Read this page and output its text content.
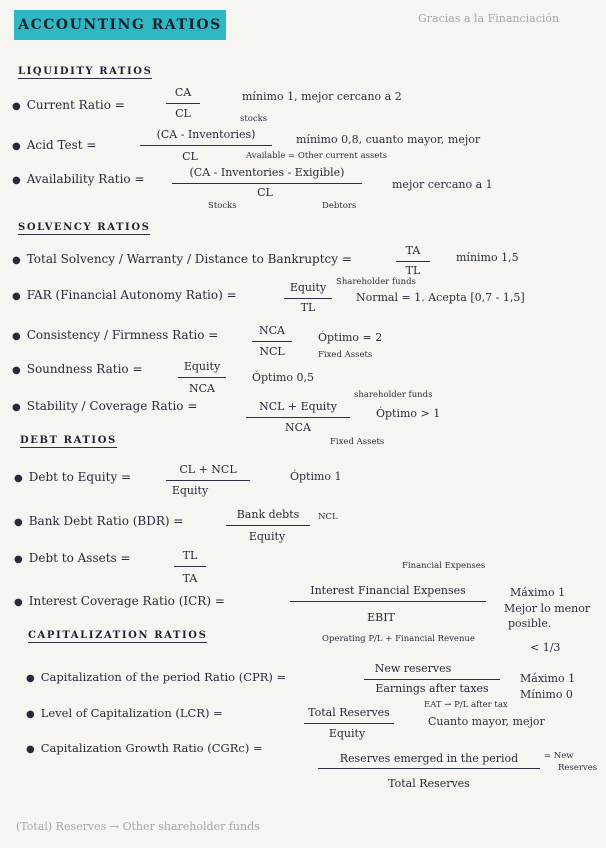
Gracias a la Financiación
ACCOUNTING RATIOS
LIQUIDITY RATIOS
● Current Ratio =
CA
CL
mínimo 1, mejor cercano a 2
stocks
● Acid Test =
(CA - Inventories)
CL
mínimo 0,8, cuanto mayor, mejor
Available = Other current assets
● Availability Ratio =	(CA - Inventories - Exigible)
CL
mejor cercano a 1
Stocks	Debtors
SOLVENCY RATIOS
● Total Solvency / Warranty / Distance to Bankruptcy =
TA
TL
mínimo 1,5
● FAR (Financial Autonomy Ratio) =
Equity
TL
Shareholder funds
Normal = 1. Acepta [0,7 - 1,5]
● Consistency / Firmness Ratio =	NCA
NCL
Óptimo = 2
Fixed Assets
● Soundness Ratio =	Equity
NCA
Óptimo 0,5
shareholder funds
● Stability / Coverage Ratio =	NCL + Equity
NCA
Óptimo > 1
Fixed Assets
DEBT RATIOS
● Debt to Equity =
CL + NCL
Equity
Óptimo 1
● Bank Debt Ratio (BDR) =	Bank debts
Equity
NCL
● Debt to Assets =	TL
TA
Financial Expenses
● Interest Coverage Ratio (ICR) =
Interest Financial Expenses
EBIT
Operating P/L + Financial Revenue
Máximo 1
Mejor lo menor
posible.
< 1/3
CAPITALIZATION RATIOS
● Capitalization of the period Ratio (CPR) =
New reserves
Earnings after taxes
Máximo 1
Mínimo 0
EAT → P/L after tax
● Level of Capitalization (LCR) =	Total Reserves
Equity
Cuanto mayor, mejor
● Capitalization Growth Ratio (CGRc) =
Reserves emerged in the period
Total Reserves
= New
Reserves
(Total) Reserves → Other shareholder funds
